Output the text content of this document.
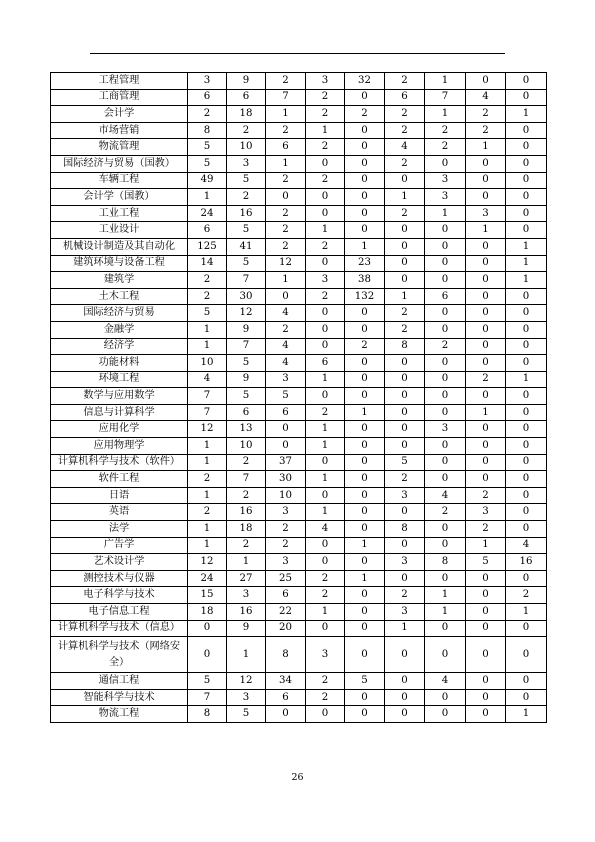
工程管理	3	9	2	3	32	2	1	0	0
工商管理	6	6	7	2	0	6	7	4	0
会计学	2	18	1	2	2	2	1	2	1
市场营销	8	2	2	1	0	2	2	2	0
物流管理	5	10	6	2	0	4	2	1	0
国际经济与贸易（国教）	5	3	1	0	0	2	0	0	0
车辆工程	49	5	2	2	0	0	3	0	0
会计学（国教）	1	2	0	0	0	1	3	0	0
工业工程	24	16	2	0	0	2	1	3	0
工业设计	6	5	2	1	0	0	0	1	0
机械设计制造及其自动化	125	41	2	2	1	0	0	0	1
建筑环境与设备工程	14	5	12	0	23	0	0	0	1
建筑学	2	7	1	3	38	0	0	0	1
土木工程	2	30	0	2	132	1	6	0	0
国际经济与贸易	5	12	4	0	0	2	0	0	0
金融学	1	9	2	0	0	2	0	0	0
经济学	1	7	4	0	2	8	2	0	0
功能材料	10	5	4	6	0	0	0	0	0
环境工程	4	9	3	1	0	0	0	2	1
数学与应用数学	7	5	5	0	0	0	0	0	0
信息与计算科学	7	6	6	2	1	0	0	1	0
应用化学	12	13	0	1	0	0	3	0	0
应用物理学	1	10	0	1	0	0	0	0	0
计算机科学与技术（软件）	1	2	37	0	0	5	0	0	0
软件工程	2	7	30	1	0	2	0	0	0
日语	1	2	10	0	0	3	4	2	0
英语	2	16	3	1	0	0	2	3	0
法学	1	18	2	4	0	8	0	2	0
广告学	1	2	2	0	1	0	0	1	4
艺术设计学	12	1	3	0	0	3	8	5	16
测控技术与仪器	24	27	25	2	1	0	0	0	0
电子科学与技术	15	3	6	2	0	2	1	0	2
电子信息工程	18	16	22	1	0	3	1	0	1
计算机科学与技术（信息）	0	9	20	0	0	1	0	0	0
计算机科学与技术（网络安全）	0	1	8	3	0	0	0	0	0
通信工程	5	12	34	2	5	0	4	0	0
智能科学与技术	7	3	6	2	0	0	0	0	0
物流工程	8	5	0	0	0	0	0	0	1
26
